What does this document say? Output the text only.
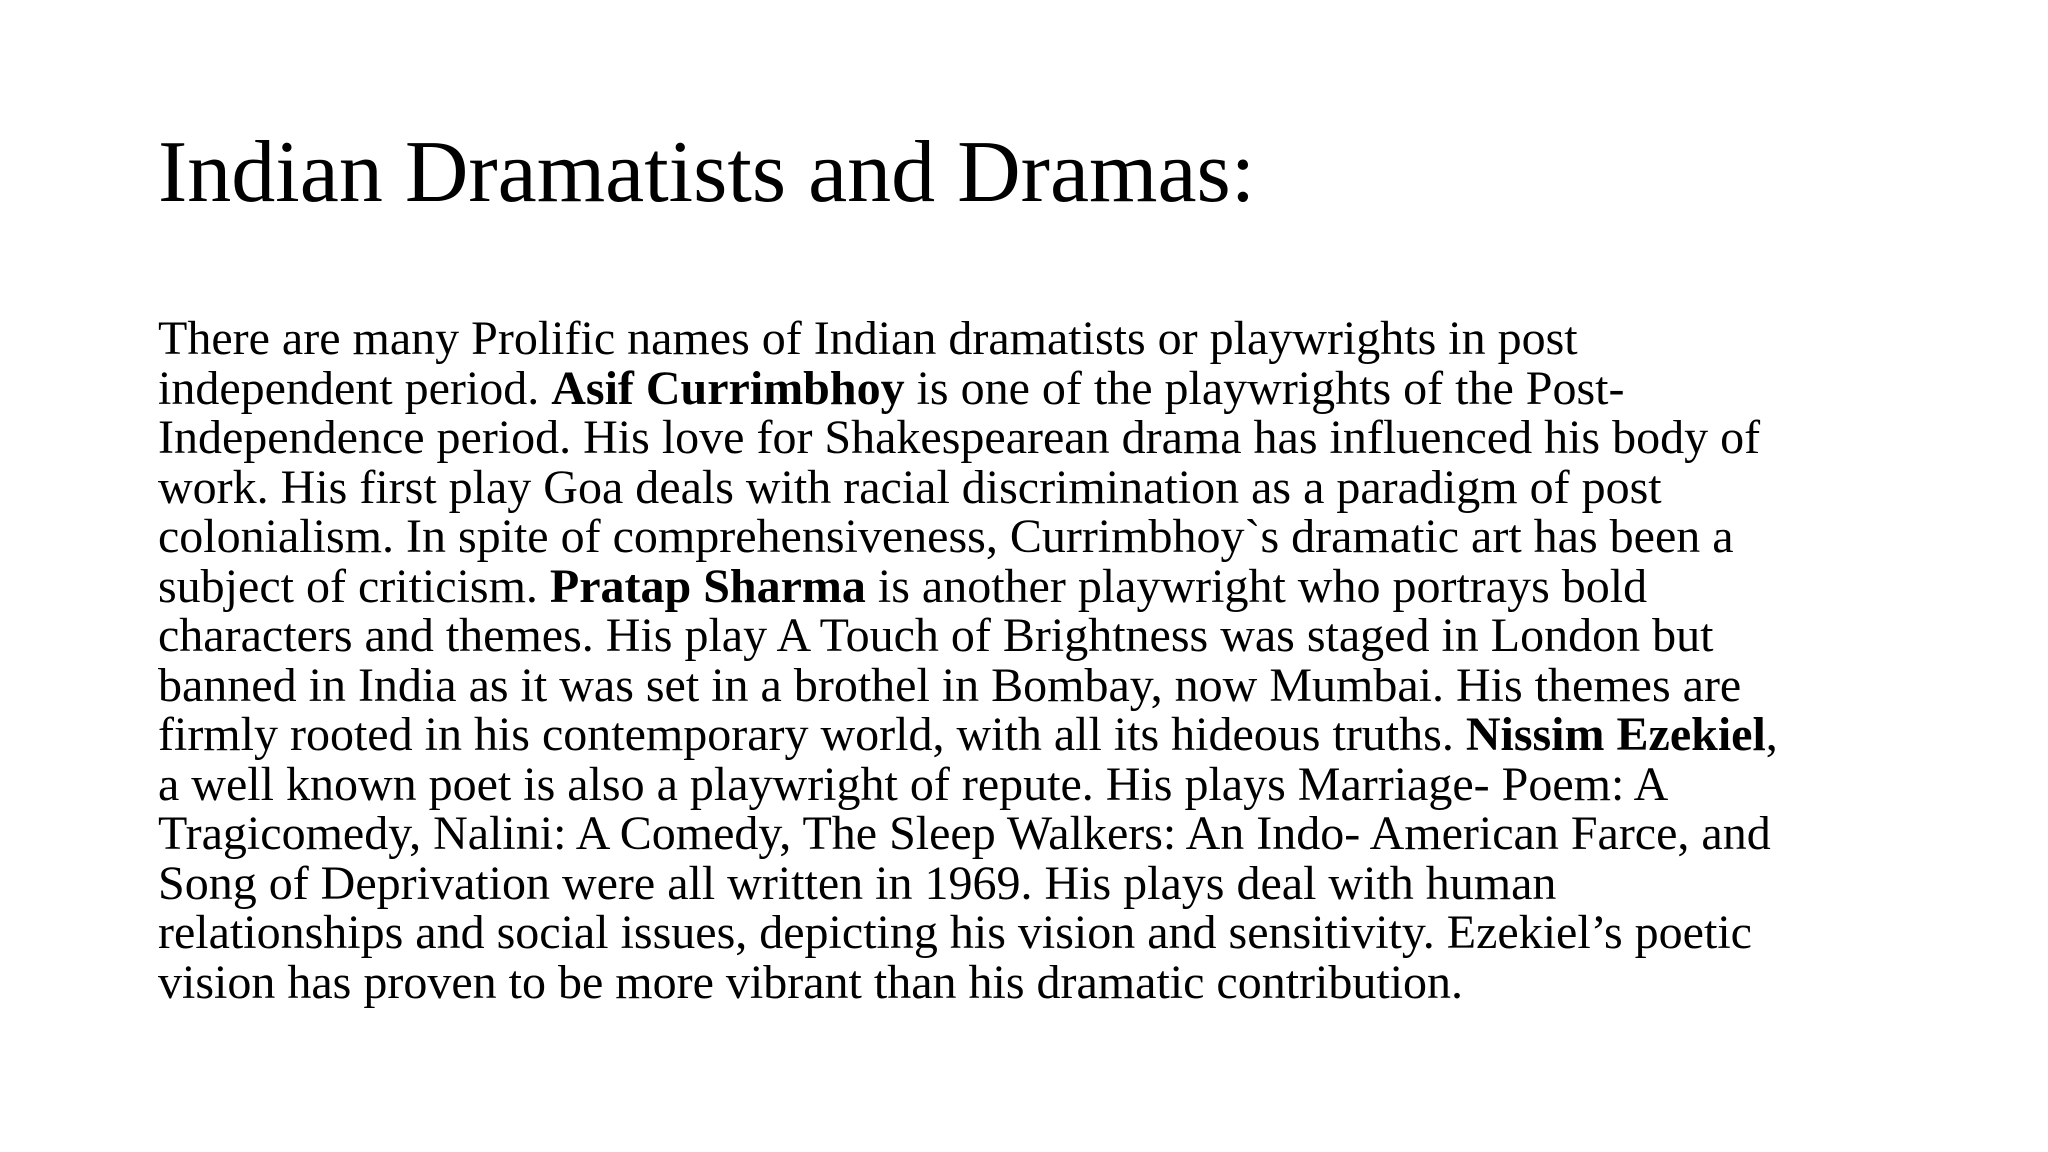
Indian Dramatists and Dramas:
There are many Prolific names of Indian dramatists or playwrights in post
independent period. Asif Currimbhoy is one of the playwrights of the Post-
Independence period. His love for Shakespearean drama has influenced his body of
work. His first play Goa deals with racial discrimination as a paradigm of post
colonialism. In spite of comprehensiveness, Currimbhoy`s dramatic art has been a
subject of criticism. Pratap Sharma is another playwright who portrays bold
characters and themes. His play A Touch of Brightness was staged in London but
banned in India as it was set in a brothel in Bombay, now Mumbai. His themes are
firmly rooted in his contemporary world, with all its hideous truths. Nissim Ezekiel,
a well known poet is also a playwright of repute. His plays Marriage- Poem: A
Tragicomedy, Nalini: A Comedy, The Sleep Walkers: An Indo- American Farce, and
Song of Deprivation were all written in 1969. His plays deal with human
relationships and social issues, depicting his vision and sensitivity. Ezekiel’s poetic
vision has proven to be more vibrant than his dramatic contribution.
